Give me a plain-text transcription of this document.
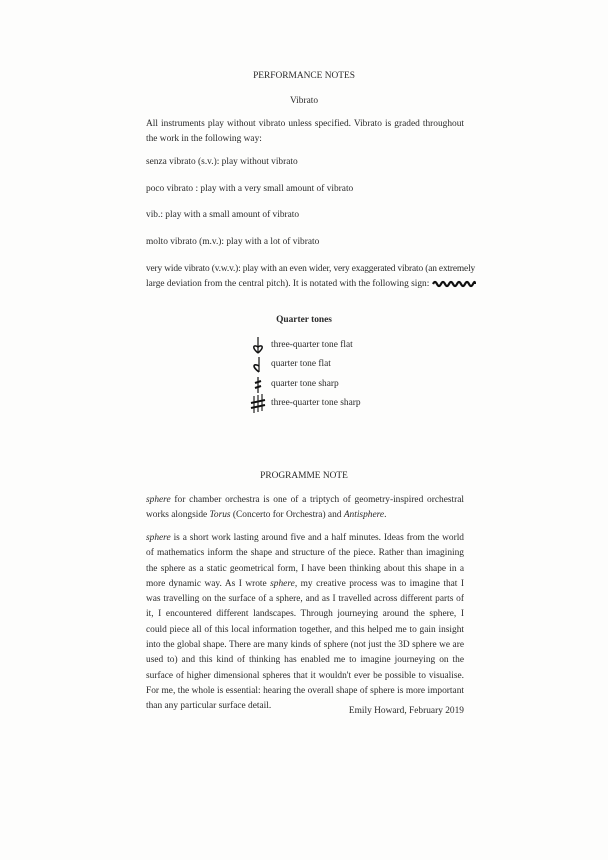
PERFORMANCE NOTES
Vibrato

All instruments play without vibrato unless specified. Vibrato is graded throughout the work in the following way:

senza vibrato (s.v.): play without vibrato
poco vibrato : play with a very small amount of vibrato
vib.: play with a small amount of vibrato
molto vibrato (m.v.): play with a lot of vibrato
very wide vibrato (v.w.v.): play with an even wider, very exaggerated vibrato (an extremely
large deviation from the central pitch). It is notated with the following sign:
Quarter tones
three-quarter tone flat
quarter tone flat
quarter tone sharp
three-quarter tone sharp
PROGRAMME NOTE

sphere for chamber orchestra is one of a triptych of geometry-inspired orchestral works alongside Torus (Concerto for Orchestra) and Antisphere.

sphere is a short work lasting around five and a half minutes. Ideas from the world of mathematics inform the shape and structure of the piece. Rather than imagining the sphere as a static geometrical form, I have been thinking about this shape in a more dynamic way. As I wrote sphere, my creative process was to imagine that I was travelling on the surface of a sphere, and as I travelled across different parts of it, I encountered different landscapes. Through journeying around the sphere, I could piece all of this local information together, and this helped me to gain insight into the global shape. There are many kinds of sphere (not just the 3D sphere we are used to) and this kind of thinking has enabled me to imagine journeying on the surface of higher dimensional spheres that it wouldn't ever be possible to visualise. For me, the whole is essential: hearing the overall shape of sphere is more important than any particular surface detail.	Emily Howard, February 2019
